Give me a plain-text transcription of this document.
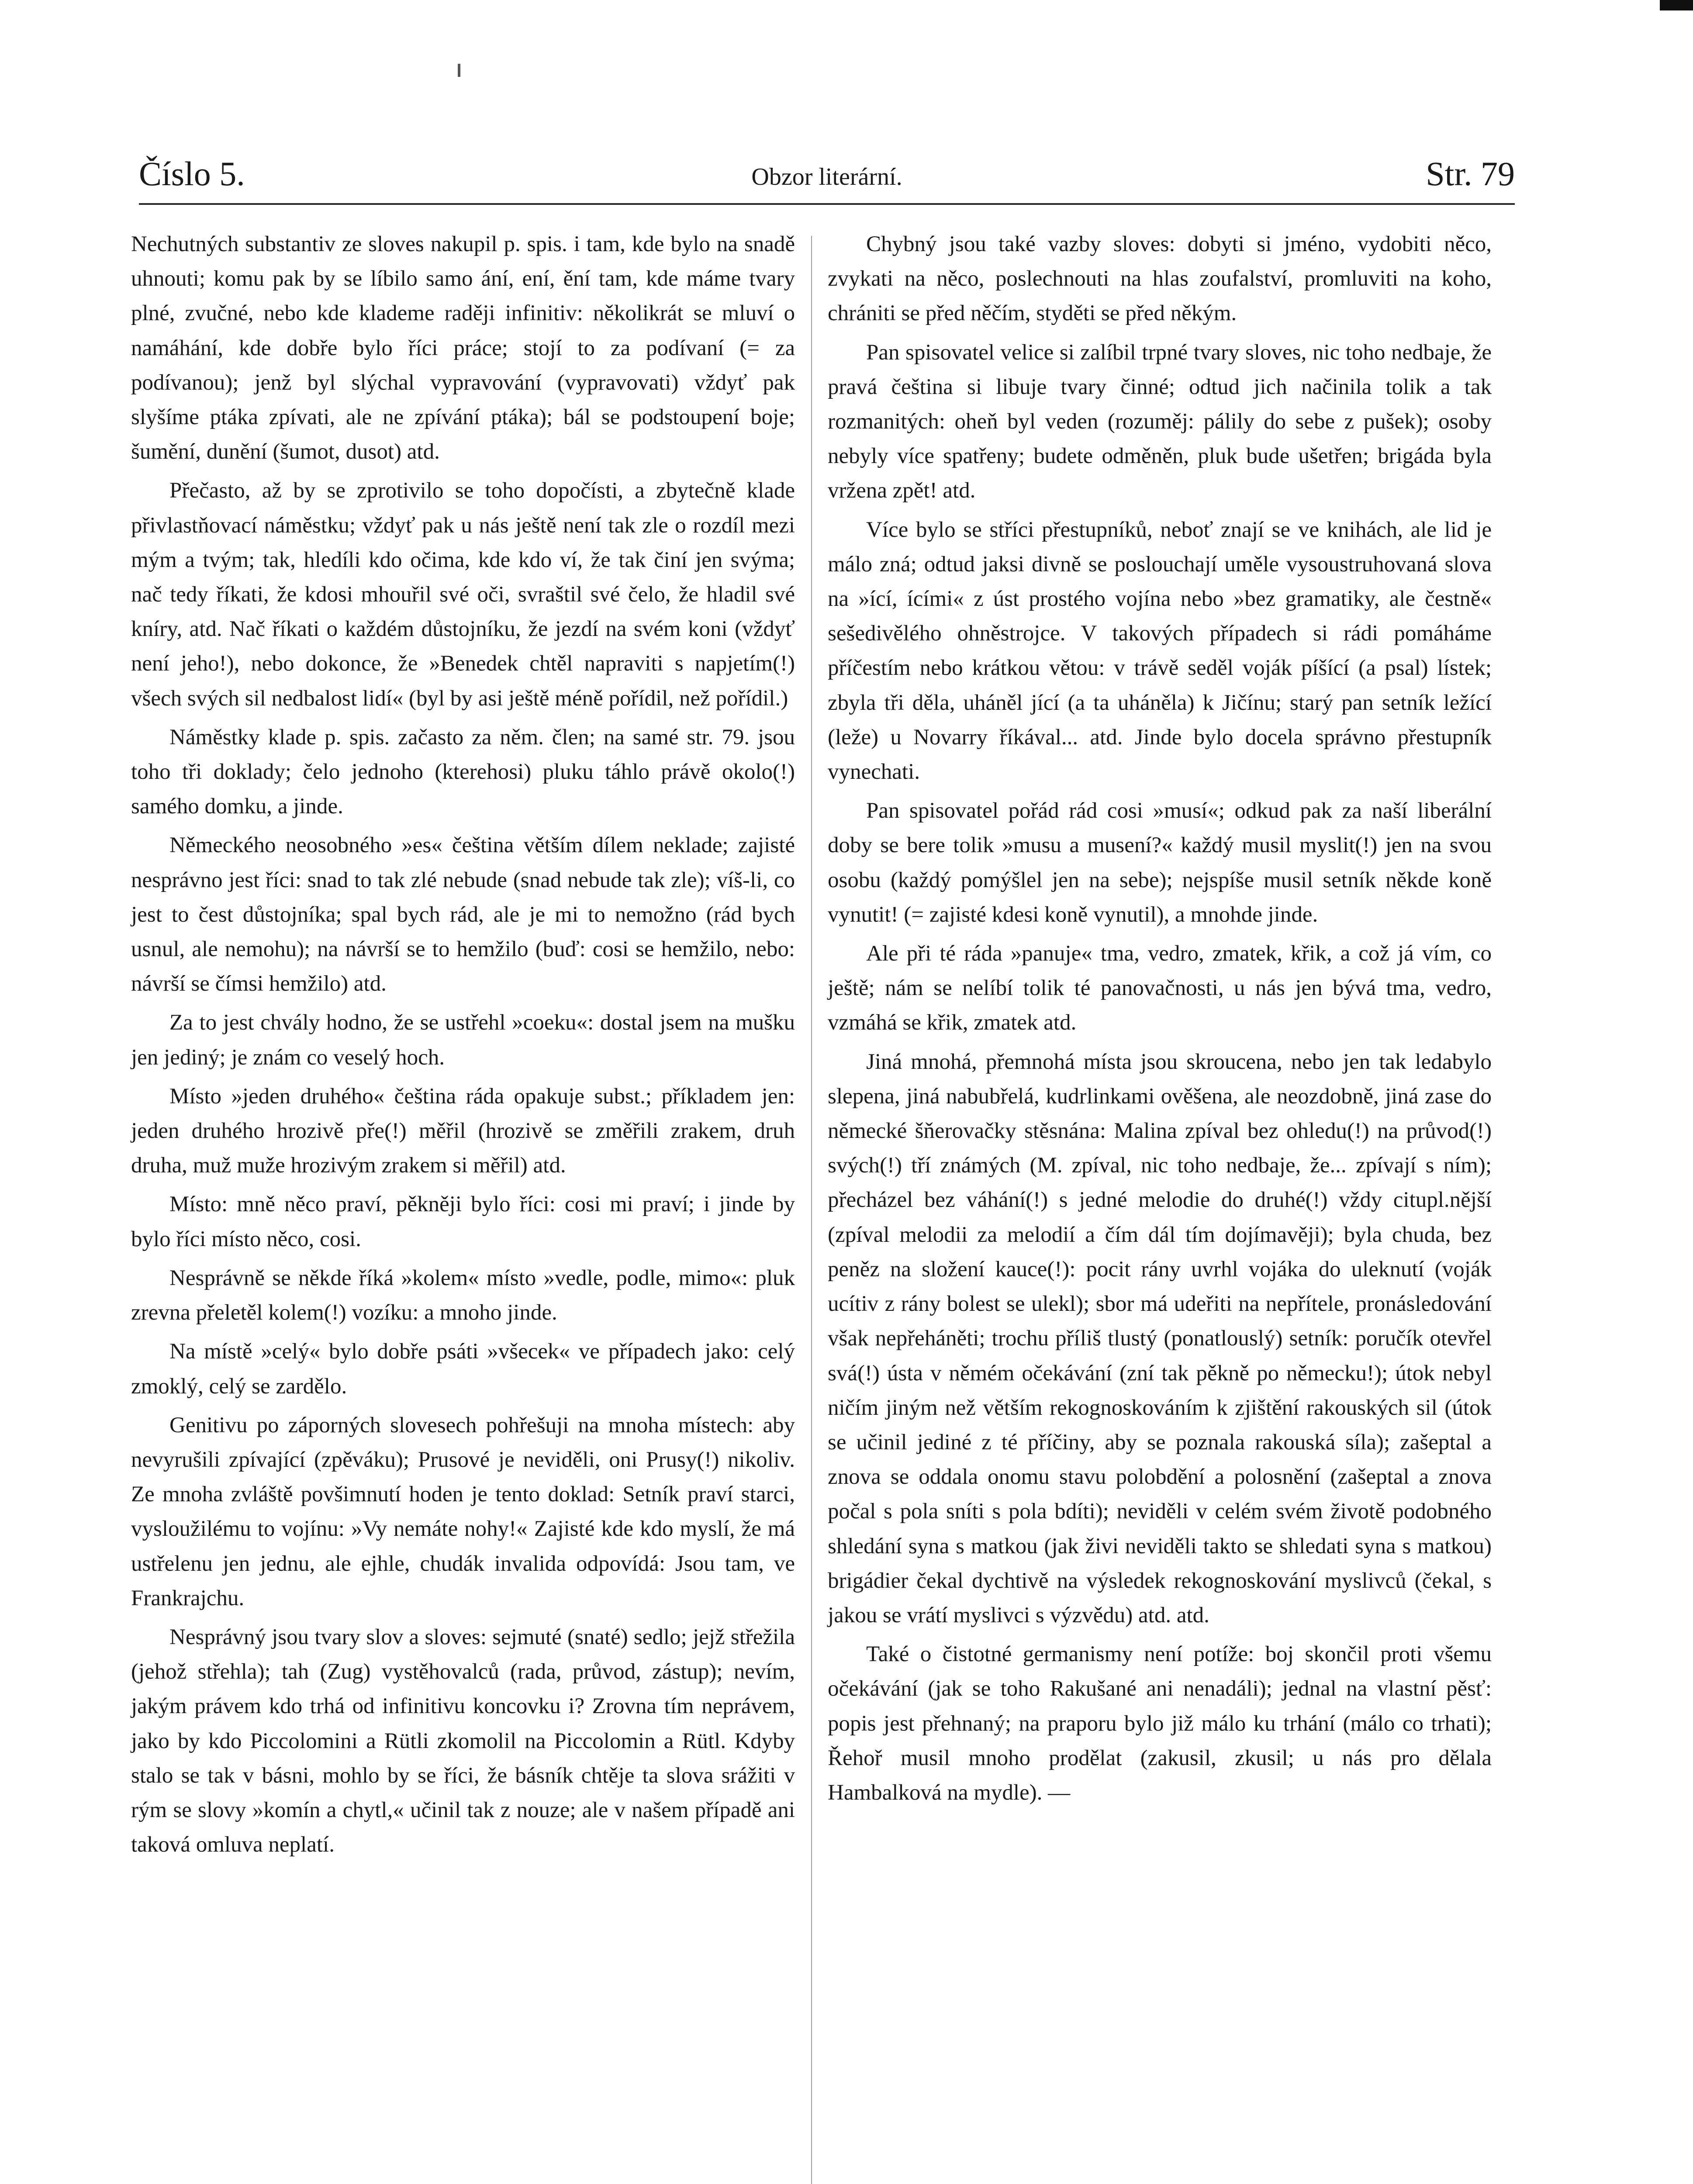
Číslo 5.	Obzor literární.	Str. 79

Nechutných substantiv ze sloves nakupil p. spis. i tam, kde bylo na snadě uhnouti; komu pak by se líbilo samo ání, ení, ění tam, kde máme tvary plné, zvučné, nebo kde klademe raději infinitiv: několikrát se mluví o namáhání, kde dobře bylo říci práce; stojí to za podívaní (= za podívanou); jenž byl slýchal vypravování (vypravovati) vždyť pak slyšíme ptáka zpívati, ale ne zpívání ptáka); bál se podstoupení boje; šumění, dunění (šumot, dusot) atd.

Přečasto, až by se zprotivilo se toho dopočísti, a zbytečně klade přivlastňovací náměstku; vždyť pak u nás ještě není tak zle o rozdíl mezi mým a tvým; tak, hledíli kdo očima, kde kdo ví, že tak činí jen svýma; nač tedy říkati, že kdosi mhouřil své oči, svraštil své čelo, že hladil své kníry, atd. Nač říkati o každém důstojníku, že jezdí na svém koni (vždyť není jeho!), nebo dokonce, že »Benedek chtěl napraviti s napjetím(!) všech svých sil nedbalost lidí« (byl by asi ještě méně pořídil, než pořídil.)

Náměstky klade p. spis. začasto za něm. člen; na samé str. 79. jsou toho tři doklady; čelo jednoho (kterehosi) pluku táhlo právě okolo(!) samého domku, a jinde.

Německého neosobného »es« čeština větším dílem neklade; zajisté nesprávno jest říci: snad to tak zlé nebude (snad nebude tak zle); víš-li, co jest to čest důstojníka; spal bych rád, ale je mi to nemožno (rád bych usnul, ale nemohu); na návrší se to hemžilo (buď: cosi se hemžilo, nebo: návrší se čímsi hemžilo) atd.

Za to jest chvály hodno, že se ustřehl »coeku«: dostal jsem na mušku jen jediný; je znám co veselý hoch.

Místo »jeden druhého« čeština ráda opakuje subst.; příkladem jen: jeden druhého hrozivě pře(!) měřil (hrozivě se změřili zrakem, druh druha, muž muže hrozivým zrakem si měřil) atd.

Místo: mně něco praví, pěkněji bylo říci: cosi mi praví; i jinde by bylo říci místo něco, cosi.

Nesprávně se někde říká »kolem« místo »vedle, podle, mimo«: pluk zrevna přeletěl kolem(!) vozíku: a mnoho jinde.

Na místě »celý« bylo dobře psáti »všecek« ve případech jako: celý zmoklý, celý se zardělo.

Genitivu po záporných slovesech pohřešuji na mnoha místech: aby nevyrušili zpívající (zpěváku); Prusové je neviděli, oni Prusy(!) nikoliv. Ze mnoha zvláště povšimnutí hoden je tento doklad: Setník praví starci, vysloužilému to vojínu: »Vy nemáte nohy!« Zajisté kde kdo myslí, že má ustřelenu jen jednu, ale ejhle, chudák invalida odpovídá: Jsou tam, ve Frankrajchu.

Nesprávný jsou tvary slov a sloves: sejmuté (snaté) sedlo; jejž střežila (jehož střehla); tah (Zug) vystěhovalců (rada, průvod, zástup); nevím, jakým právem kdo trhá od infinitivu koncovku i? Zrovna tím neprávem, jako by kdo Piccolomini a Rütli zkomolil na Piccolomin a Rütl. Kdyby stalo se tak v básni, mohlo by se říci, že básník chtěje ta slova srážiti v rým se slovy »komín a chytl,« učinil tak z nouze; ale v našem případě ani taková omluva neplatí.

Chybný jsou také vazby sloves: dobyti si jméno, vydobiti něco, zvykati na něco, poslechnouti na hlas zoufalství, promluviti na koho, chrániti se před něčím, styděti se před někým.

Pan spisovatel velice si zalíbil trpné tvary sloves, nic toho nedbaje, že pravá čeština si libuje tvary činné; odtud jich načinila tolik a tak rozmanitých: oheň byl veden (rozuměj: pálily do sebe z pušek); osoby nebyly více spatřeny; budete odměněn, pluk bude ušetřen; brigáda byla vržena zpět! atd.

Více bylo se stříci přestupníků, neboť znají se ve knihách, ale lid je málo zná; odtud jaksi divně se poslouchají uměle vysoustruhovaná slova na »ící, ícími« z úst prostého vojína nebo »bez gramatiky, ale čestně« sešedivělého ohněstrojce. V takových případech si rádi pomáháme příčestím nebo krátkou větou: v trávě seděl voják píšící (a psal) lístek; zbyla tři děla, uháněl jící (a ta uháněla) k Jičínu; starý pan setník ležící (leže) u Novarry říkával... atd. Jinde bylo docela správno přestupník vynechati.

Pan spisovatel pořád rád cosi »musí«; odkud pak za naší liberální doby se bere tolik »musu a musení?« každý musil myslit(!) jen na svou osobu (každý pomýšlel jen na sebe); nejspíše musil setník někde koně vynutit! (= zajisté kdesi koně vynutil), a mnohde jinde.

Ale při té ráda »panuje« tma, vedro, zmatek, křik, a což já vím, co ještě; nám se nelíbí tolik té panovačnosti, u nás jen bývá tma, vedro, vzmáhá se křik, zmatek atd.

Jiná mnohá, přemnohá místa jsou skroucena, nebo jen tak ledabylo slepena, jiná nabubřelá, kudrlinkami ověšena, ale neozdobně, jiná zase do německé šňerovačky stěsnána: Malina zpíval bez ohledu(!) na průvod(!) svých(!) tří známých (M. zpíval, nic toho nedbaje, že... zpívají s ním); přecházel bez váhání(!) s jedné melodie do druhé(!) vždy citupl.nější (zpíval melodii za melodií a čím dál tím dojímavěji); byla chuda, bez peněz na složení kauce(!): pocit rány uvrhl vojáka do uleknutí (voják ucítiv z rány bolest se ulekl); sbor má udeřiti na nepřítele, pronásledování však nepřeháněti; trochu příliš tlustý (ponatlouslý) setník: poručík otevřel svá(!) ústa v němém očekávání (zní tak pěkně po německu!); útok nebyl ničím jiným než větším rekognoskováním k zjištění rakouských sil (útok se učinil jediné z té příčiny, aby se poznala rakouská síla); zašeptal a znova se oddala onomu stavu polobdění a polosnění (zašeptal a znova počal s pola sníti s pola bdíti); neviděli v celém svém životě podobného shledání syna s matkou (jak živi neviděli takto se shledati syna s matkou) brigádier čekal dychtivě na výsledek rekognoskování myslivců (čekal, s jakou se vrátí myslivci s výzvědu) atd. atd.

Také o čistotné germanismy není potíže: boj skončil proti všemu očekávání (jak se toho Rakušané ani nenadáli); jednal na vlastní pěsť: popis jest přehnaný; na praporu bylo již málo ku trhání (málo co trhati); Řehoř musil mnoho prodělat (zakusil, zkusil; u nás pro dělala Hambalková na mydle). —
